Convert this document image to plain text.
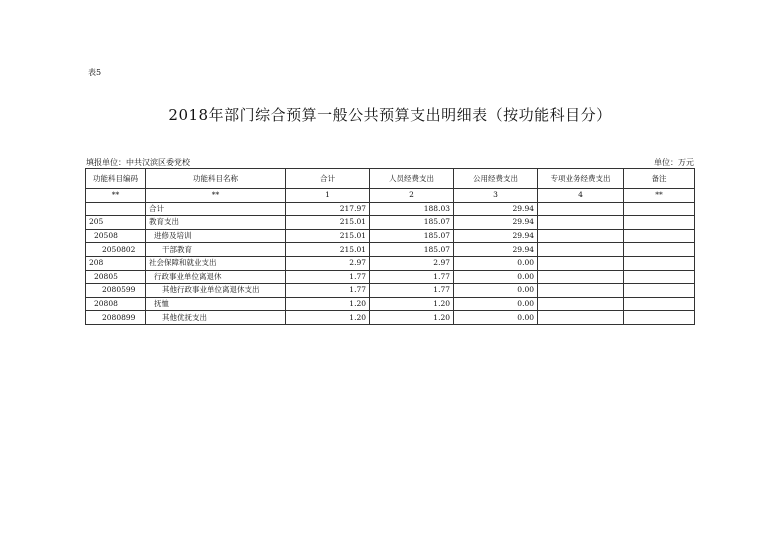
表5
2018年部门综合预算一般公共预算支出明细表（按功能科目分）
填报单位：中共汉滨区委党校	单位：万元
功能科目编码	功能科目名称	合计	人员经费支出	公用经费支出	专项业务经费支出	备注
**	**	1	2	3	4	**
	合计	217.97	188.03	29.94		
205	教育支出	215.01	185.07	29.94		
20508	进修及培训	215.01	185.07	29.94		
2050802	干部教育	215.01	185.07	29.94		
208	社会保障和就业支出	2.97	2.97	0.00		
20805	行政事业单位离退休	1.77	1.77	0.00		
2080599	其他行政事业单位离退休支出	1.77	1.77	0.00		
20808	抚恤	1.20	1.20	0.00		
2080899	其他优抚支出	1.20	1.20	0.00		
